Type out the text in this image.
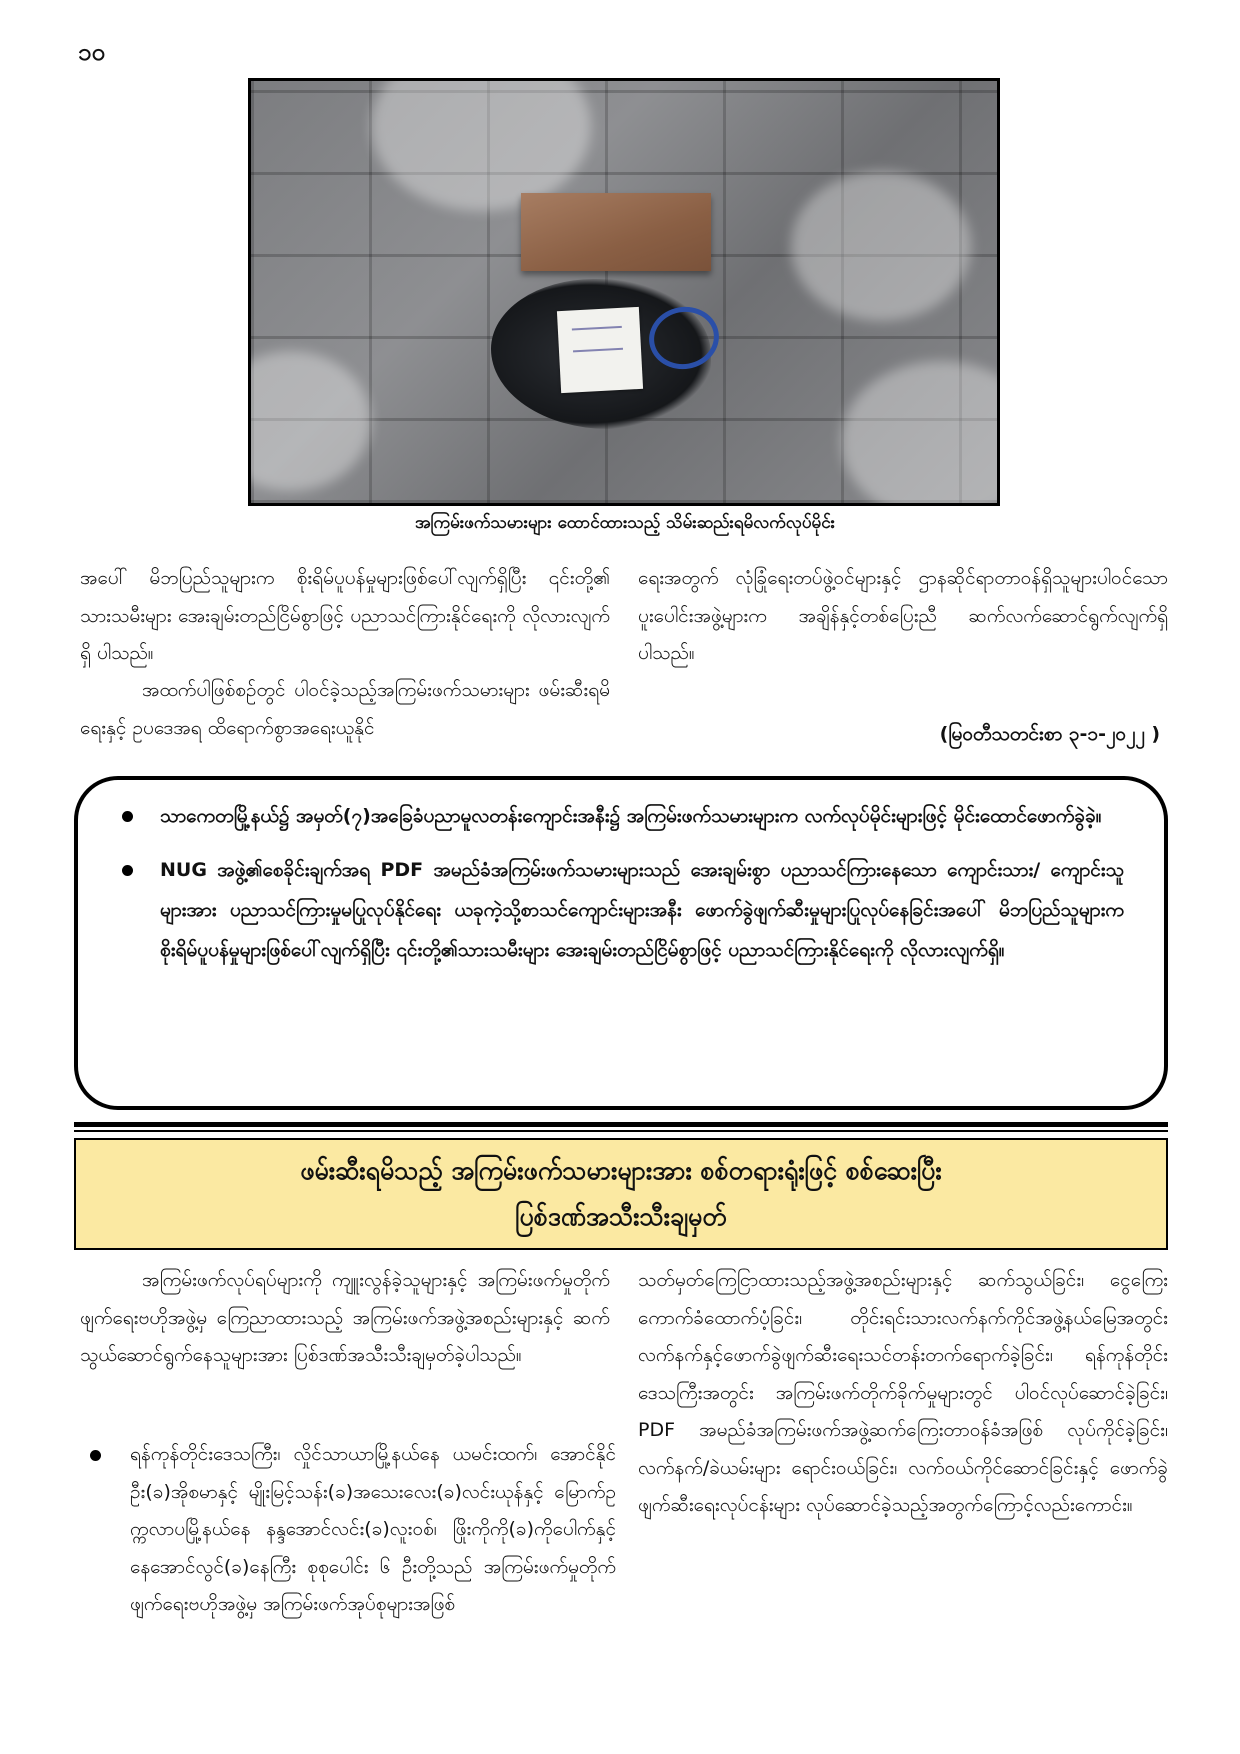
၁၀
အကြမ်းဖက်သမားများ ထောင်ထားသည့် သိမ်းဆည်းရမိလက်လုပ်မိုင်း

အပေါ် မိဘပြည်သူများက စိုးရိမ်ပူပန်မှုများဖြစ်ပေါ်လျက်ရှိပြီး ၎င်းတို့၏ သားသမီးများ အေးချမ်းတည်ငြိမ်စွာဖြင့် ပညာသင်ကြားနိုင်ရေးကို လိုလားလျက်ရှိ ပါသည်။

အထက်ပါဖြစ်စဉ်တွင် ပါဝင်ခဲ့သည့်အကြမ်းဖက်သမားများ ဖမ်းဆီးရမိရေးနှင့် ဥပဒေအရ ထိရောက်စွာအရေးယူနိုင်

ရေးအတွက် လုံခြုံရေးတပ်ဖွဲ့ဝင်များနှင့် ဌာနဆိုင်ရာတာဝန်ရှိသူများပါဝင်သော ပူးပေါင်းအဖွဲ့များက အချိန်နှင့်တစ်ပြေးညီ ဆက်လက်ဆောင်ရွက်လျက်ရှိပါသည်။

(မြဝတီသတင်းစာ ၃-၁-၂၀၂၂ )
သာကေတမြို့နယ်၌ အမှတ်(၇)အခြေခံပညာမူလတန်းကျောင်းအနီး၌ အကြမ်းဖက်သမားများက လက်လုပ်မိုင်းများဖြင့် မိုင်းထောင်ဖောက်ခွဲခဲ့။
NUG အဖွဲ့၏စေခိုင်းချက်အရ PDF အမည်ခံအကြမ်းဖက်သမားများသည် အေးချမ်းစွာ ပညာသင်ကြားနေသော ကျောင်းသား/ ကျောင်းသူများအား ပညာသင်ကြားမှုမပြုလုပ်နိုင်ရေး ယခုကဲ့သို့စာသင်ကျောင်းများအနီး ဖောက်ခွဲဖျက်ဆီးမှုများပြုလုပ်နေခြင်းအပေါ် မိဘပြည်သူများက စိုးရိမ်ပူပန်မှုများဖြစ်ပေါ်လျက်ရှိပြီး ၎င်းတို့၏သားသမီးများ အေးချမ်းတည်ငြိမ်စွာဖြင့် ပညာသင်ကြားနိုင်ရေးကို လိုလားလျက်ရှိ။
ဖမ်းဆီးရမိသည့် အကြမ်းဖက်သမားများအား စစ်တရားရုံးဖြင့် စစ်ဆေးပြီး
ပြစ်ဒဏ်အသီးသီးချမှတ်

အကြမ်းဖက်လုပ်ရပ်များကို ကျူးလွန်ခဲ့သူများနှင့် အကြမ်းဖက်မှုတိုက်ဖျက်ရေးဗဟိုအဖွဲ့မှ ကြေညာထားသည့် အကြမ်းဖက်အဖွဲ့အစည်းများနှင့် ဆက်သွယ်ဆောင်ရွက်နေသူများအား ပြစ်ဒဏ်အသီးသီးချမှတ်ခဲ့ပါသည်။

ရန်ကုန်တိုင်းဒေသကြီး၊ လှိုင်သာယာမြို့နယ်နေ ယမင်းထက်၊ အောင်နိုင်ဦး(ခ)အိုစမာနှင့် မျိုးမြင့်သန်း(ခ)အသေးလေး(ခ)လင်းယုန်နှင့် မြောက်ဥက္ကလာပမြို့နယ်နေ နန္ဒအောင်လင်း(ခ)လူးဝစ်၊ ဖြိုးကိုကို(ခ)ကိုပေါက်နှင့် နေအောင်လွင်(ခ)နေကြီး စုစုပေါင်း ၆ ဦးတို့သည် အကြမ်းဖက်မှုတိုက်ဖျက်ရေးဗဟိုအဖွဲ့မှ အကြမ်းဖက်အုပ်စုများအဖြစ်

သတ်မှတ်ကြေငြာထားသည့်အဖွဲ့အစည်းများနှင့် ဆက်သွယ်ခြင်း၊ ငွေကြေးကောက်ခံထောက်ပံ့ခြင်း၊ တိုင်းရင်းသားလက်နက်ကိုင်အဖွဲ့နယ်မြေအတွင်း လက်နက်နှင့်ဖောက်ခွဲဖျက်ဆီးရေးသင်တန်းတက်ရောက်ခဲ့ခြင်း၊ ရန်ကုန်တိုင်းဒေသကြီးအတွင်း အကြမ်းဖက်တိုက်ခိုက်မှုများတွင် ပါဝင်လုပ်ဆောင်ခဲ့ခြင်း၊ PDF အမည်ခံအကြမ်းဖက်အဖွဲ့ဆက်ကြေးတာဝန်ခံအဖြစ် လုပ်ကိုင်ခဲ့ခြင်း၊ လက်နက်/ခဲယမ်းများ ရောင်းဝယ်ခြင်း၊ လက်ဝယ်ကိုင်ဆောင်ခြင်းနှင့် ဖောက်ခွဲဖျက်ဆီးရေးလုပ်ငန်းများ လုပ်ဆောင်ခဲ့သည့်အတွက်ကြောင့်လည်းကောင်း။
